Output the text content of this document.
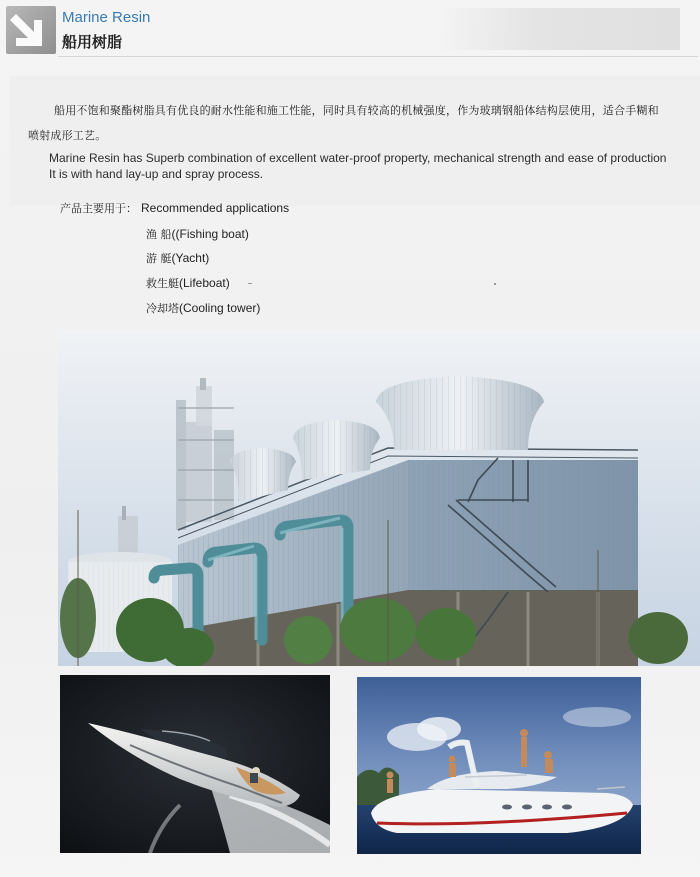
Marine Resin
船用树脂
船用不饱和聚酯树脂具有优良的耐水性能和施工性能，同时具有较高的机械强度，作为玻璃钢船体结构层使用，适合手糊和喷射成形工艺。
Marine Resin has Superb combination of excellent water-proof property, mechanical strength and ease of production
It is with hand lay-up and spray process.
产品主要用于： Recommended applications
渔 船((Fishing boat)
游 艇(Yacht)
救生艇(Lifeboat)
冷却塔(Cooling tower)
